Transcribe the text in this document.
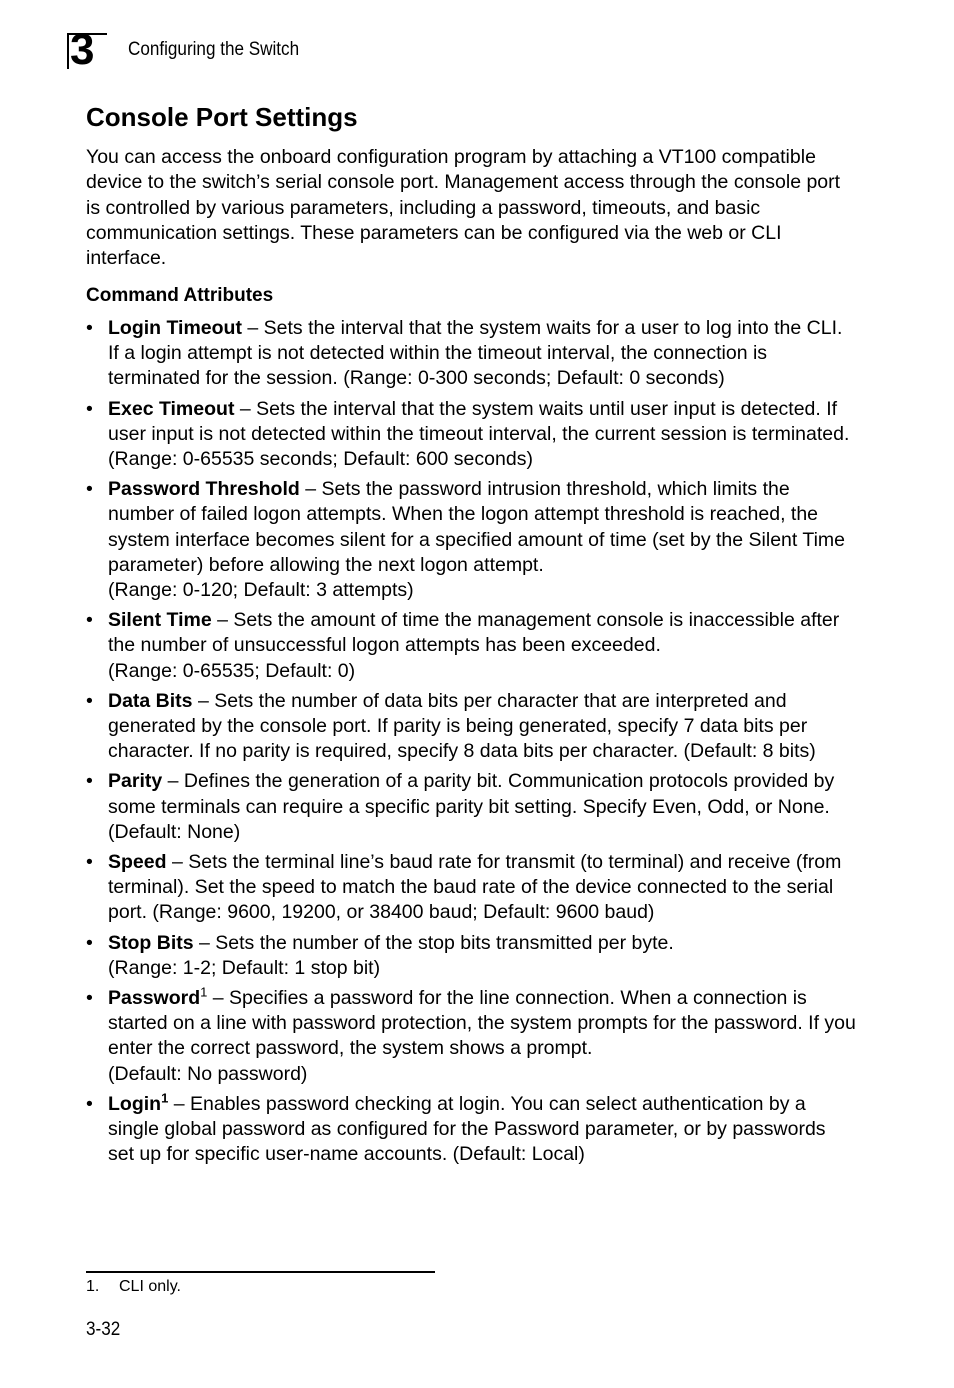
3 Configuring the Switch
Console Port Settings

You can access the onboard configuration program by attaching a VT100 compatible device to the switch’s serial console port. Management access through the console port is controlled by various parameters, including a password, timeouts, and basic communication settings. These parameters can be configured via the web or CLI interface.

Command Attributes
• Login Timeout – Sets the interval that the system waits for a user to log into the CLI. If a login attempt is not detected within the timeout interval, the connection is terminated for the session. (Range: 0-300 seconds; Default: 0 seconds)
• Exec Timeout – Sets the interval that the system waits until user input is detected. If user input is not detected within the timeout interval, the current session is terminated. (Range: 0-65535 seconds; Default: 600 seconds)
• Password Threshold – Sets the password intrusion threshold, which limits the number of failed logon attempts. When the logon attempt threshold is reached, the system interface becomes silent for a specified amount of time (set by the Silent Time parameter) before allowing the next logon attempt.
(Range: 0-120; Default: 3 attempts)
• Silent Time – Sets the amount of time the management console is inaccessible after the number of unsuccessful logon attempts has been exceeded.
(Range: 0-65535; Default: 0)
• Data Bits – Sets the number of data bits per character that are interpreted and generated by the console port. If parity is being generated, specify 7 data bits per character. If no parity is required, specify 8 data bits per character. (Default: 8 bits)
• Parity – Defines the generation of a parity bit. Communication protocols provided by some terminals can require a specific parity bit setting. Specify Even, Odd, or None. (Default: None)
• Speed – Sets the terminal line’s baud rate for transmit (to terminal) and receive (from terminal). Set the speed to match the baud rate of the device connected to the serial port. (Range: 9600, 19200, or 38400 baud; Default: 9600 baud)
• Stop Bits – Sets the number of the stop bits transmitted per byte.
(Range: 1-2; Default: 1 stop bit)
• Password$^1$ – Specifies a password for the line connection. When a connection is started on a line with password protection, the system prompts for the password. If you enter the correct password, the system shows a prompt.
(Default: No password)
• Login$^1$ – Enables password checking at login. You can select authentication by a single global password as configured for the Password parameter, or by passwords set up for specific user-name accounts. (Default: Local)
1. CLI only.
3-32
